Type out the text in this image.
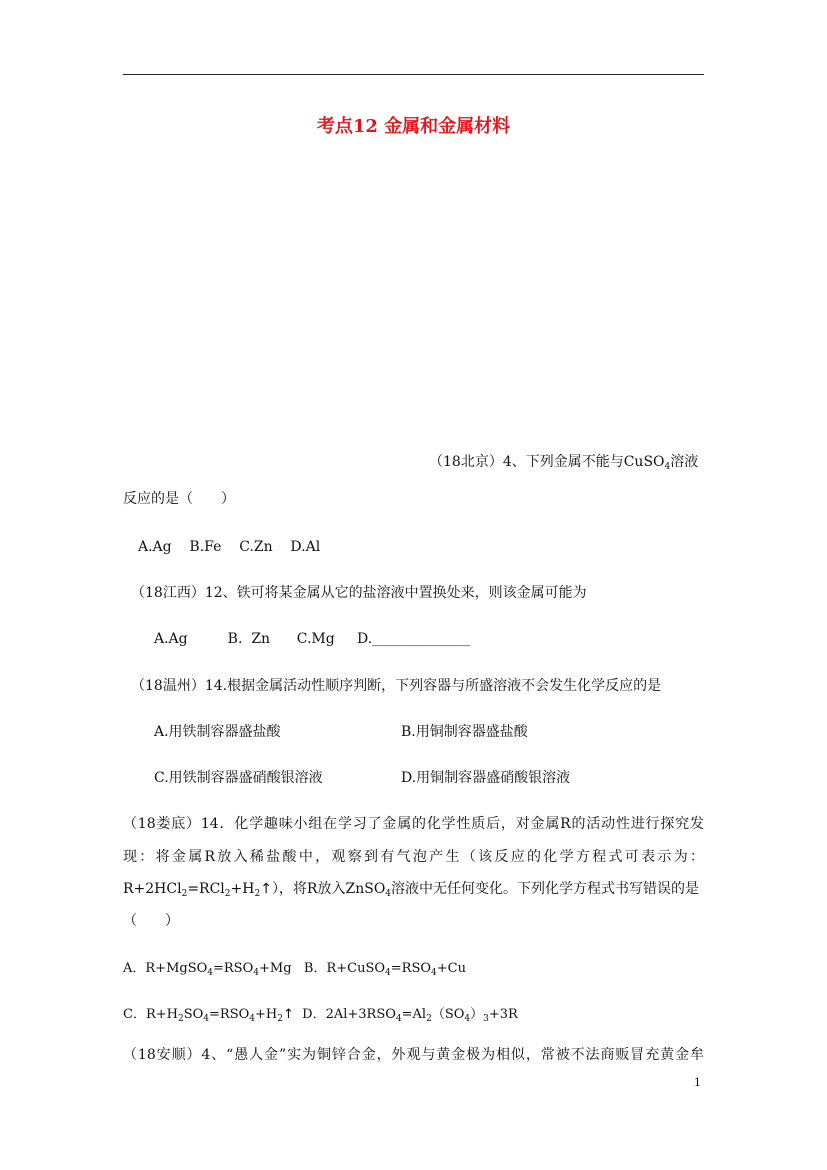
考点12 金属和金属材料
（18北京）4、下列金属不能与CuSO$_4$溶液
反应的是（　　）
A.Ag    B.Fe    C.Zn    D.Al
（18江西）12、铁可将某金属从它的盐溶液中置换处来，则该金属可能为
A.Ag         B.  Zn      C.Mg     D.______________
（18温州）14.根据金属活动性顺序判断，下列容器与所盛溶液不会发生化学反应的是
A.用铁制容器盛盐酸	B.用铜制容器盛盐酸
C.用铁制容器盛硝酸银溶液	D.用铜制容器盛硝酸银溶液
（18娄底）14．化学趣味小组在学习了金属的化学性质后，对金属R的活动性进行探究发
现：将金属R放入稀盐酸中，观察到有气泡产生（该反应的化学方程式可表示为：
$R+2HCl_2=RCl_2+H_2↑$），将R放入ZnSO$_4$溶液中无任何变化。下列化学方程式书写错误的是
（　　）
A．$R+MgSO_4=RSO_4+Mg$   B．$R+CuSO_4=RSO_4+Cu$
C．$R+H_2SO_4=RSO_4+H_2↑$  D．$2Al+3RSO_4=Al_2(SO_4)_3+3R$
（18安顺）4、“愚人金”实为铜锌合金，外观与黄金极为相似，常被不法商贩冒充黄金牟
1
